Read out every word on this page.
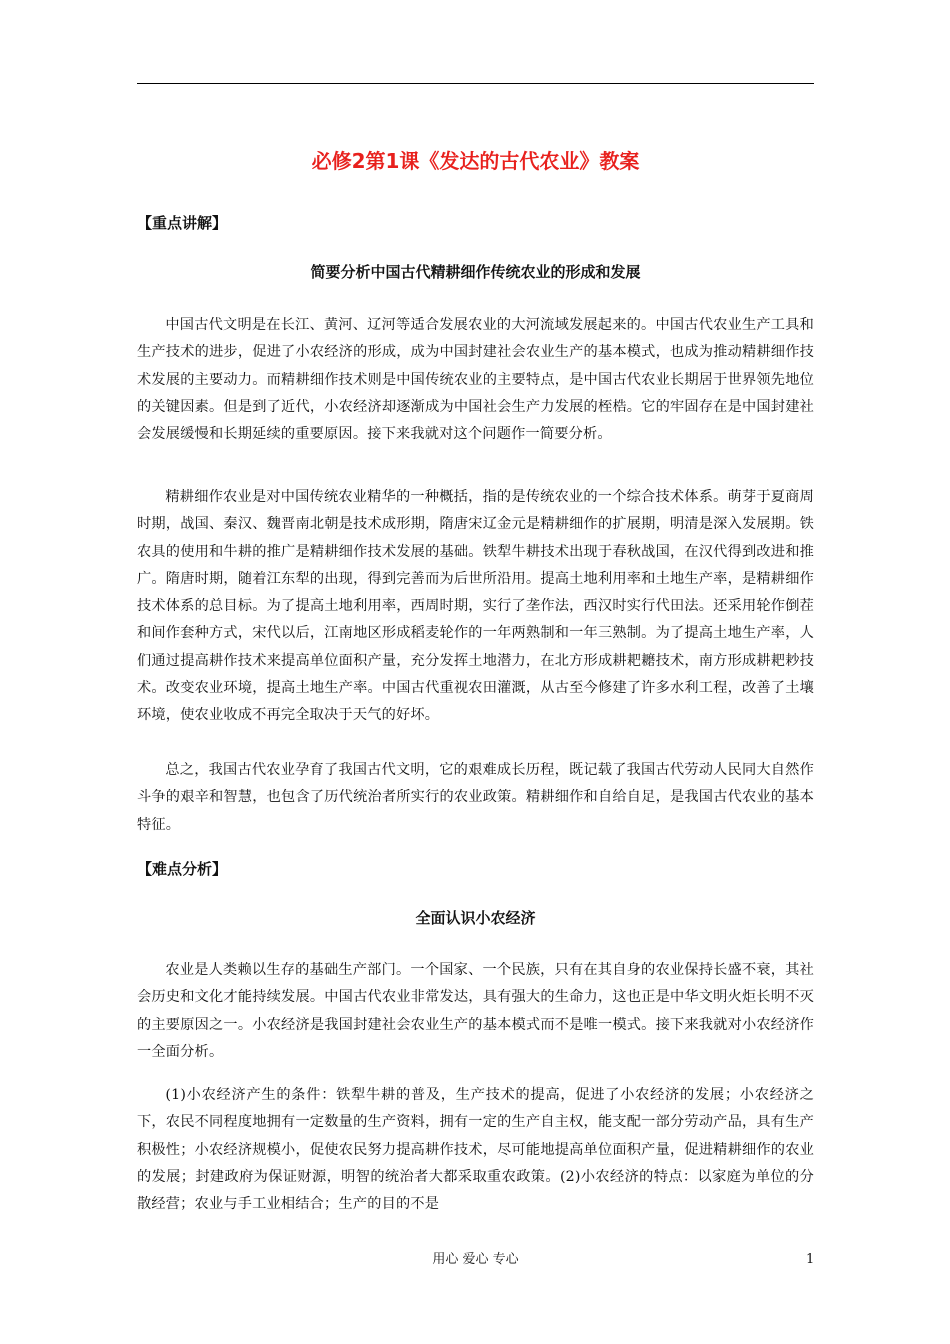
必修2第1课《发达的古代农业》教案
【重点讲解】
简要分析中国古代精耕细作传统农业的形成和发展

中国古代文明是在长江、黄河、辽河等适合发展农业的大河流域发展起来的。中国古代农业生产工具和生产技术的进步，促进了小农经济的形成，成为中国封建社会农业生产的基本模式，也成为推动精耕细作技术发展的主要动力。而精耕细作技术则是中国传统农业的主要特点，是中国古代农业长期居于世界领先地位的关键因素。但是到了近代，小农经济却逐渐成为中国社会生产力发展的桎梏。它的牢固存在是中国封建社会发展缓慢和长期延续的重要原因。接下来我就对这个问题作一简要分析。

精耕细作农业是对中国传统农业精华的一种概括，指的是传统农业的一个综合技术体系。萌芽于夏商周时期，战国、秦汉、魏晋南北朝是技术成形期，隋唐宋辽金元是精耕细作的扩展期，明清是深入发展期。铁农具的使用和牛耕的推广是精耕细作技术发展的基础。铁犁牛耕技术出现于春秋战国，在汉代得到改进和推广。隋唐时期，随着江东犁的出现，得到完善而为后世所沿用。提高土地利用率和土地生产率，是精耕细作技术体系的总目标。为了提高土地利用率，西周时期，实行了垄作法，西汉时实行代田法。还采用轮作倒茬和间作套种方式，宋代以后，江南地区形成稻麦轮作的一年两熟制和一年三熟制。为了提高土地生产率，人们通过提高耕作技术来提高单位面积产量，充分发挥土地潜力，在北方形成耕耙耱技术，南方形成耕耙耖技术。改变农业环境，提高土地生产率。中国古代重视农田灌溉，从古至今修建了许多水利工程，改善了土壤环境，使农业收成不再完全取决于天气的好坏。

总之，我国古代农业孕育了我国古代文明，它的艰难成长历程，既记载了我国古代劳动人民同大自然作斗争的艰辛和智慧，也包含了历代统治者所实行的农业政策。精耕细作和自给自足，是我国古代农业的基本特征。

【难点分析】
全面认识小农经济

农业是人类赖以生存的基础生产部门。一个国家、一个民族，只有在其自身的农业保持长盛不衰，其社会历史和文化才能持续发展。中国古代农业非常发达，具有强大的生命力，这也正是中华文明火炬长明不灭的主要原因之一。小农经济是我国封建社会农业生产的基本模式而不是唯一模式。接下来我就对小农经济作一全面分析。

(1)小农经济产生的条件：铁犁牛耕的普及，生产技术的提高，促进了小农经济的发展；小农经济之下，农民不同程度地拥有一定数量的生产资料，拥有一定的生产自主权，能支配一部分劳动产品，具有生产积极性；小农经济规模小，促使农民努力提高耕作技术，尽可能地提高单位面积产量，促进精耕细作的农业的发展；封建政府为保证财源，明智的统治者大都采取重农政策。(2)小农经济的特点：以家庭为单位的分散经营；农业与手工业相结合；生产的目的不是

用心 爱心 专心	1
